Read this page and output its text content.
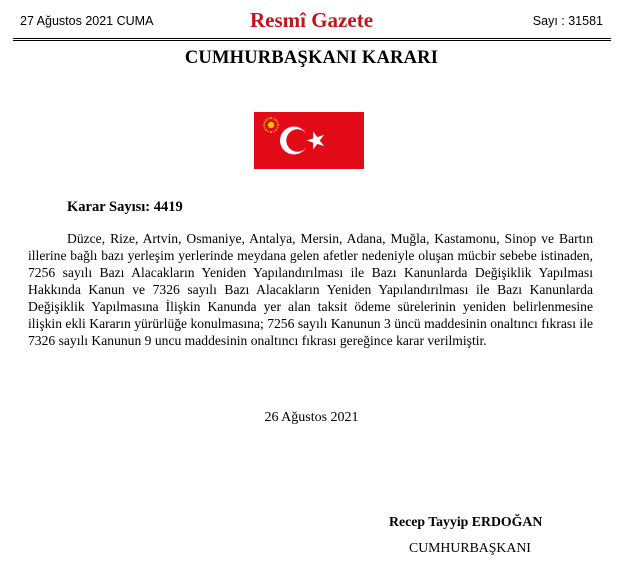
27 Ağustos 2021 CUMA	Resmî Gazete	Sayı : 31581
CUMHURBAŞKANI KARARI
Karar Sayısı: 4419

Düzce, Rize, Artvin, Osmaniye, Antalya, Mersin, Adana, Muğla, Kastamonu, Sinop ve Bartın illerine bağlı bazı yerleşim yerlerinde meydana gelen afetler nedeniyle oluşan mücbir sebebe istinaden, 7256 sayılı Bazı Alacakların Yeniden Yapılandırılması ile Bazı Kanunlarda Değişiklik Yapılması Hakkında Kanun ve 7326 sayılı Bazı Alacakların Yeniden Yapılandırılması ile Bazı Kanunlarda Değişiklik Yapılmasına İlişkin Kanunda yer alan taksit ödeme sürelerinin yeniden belirlenmesine ilişkin ekli Kararın yürürlüğe konulmasına; 7256 sayılı Kanunun 3 üncü maddesinin onaltıncı fıkrası ile 7326 sayılı Kanunun 9 uncu maddesinin onaltıncı fıkrası gereğince karar verilmiştir.

26 Ağustos 2021
Recep Tayyip ERDOĞAN
CUMHURBAŞKANI
